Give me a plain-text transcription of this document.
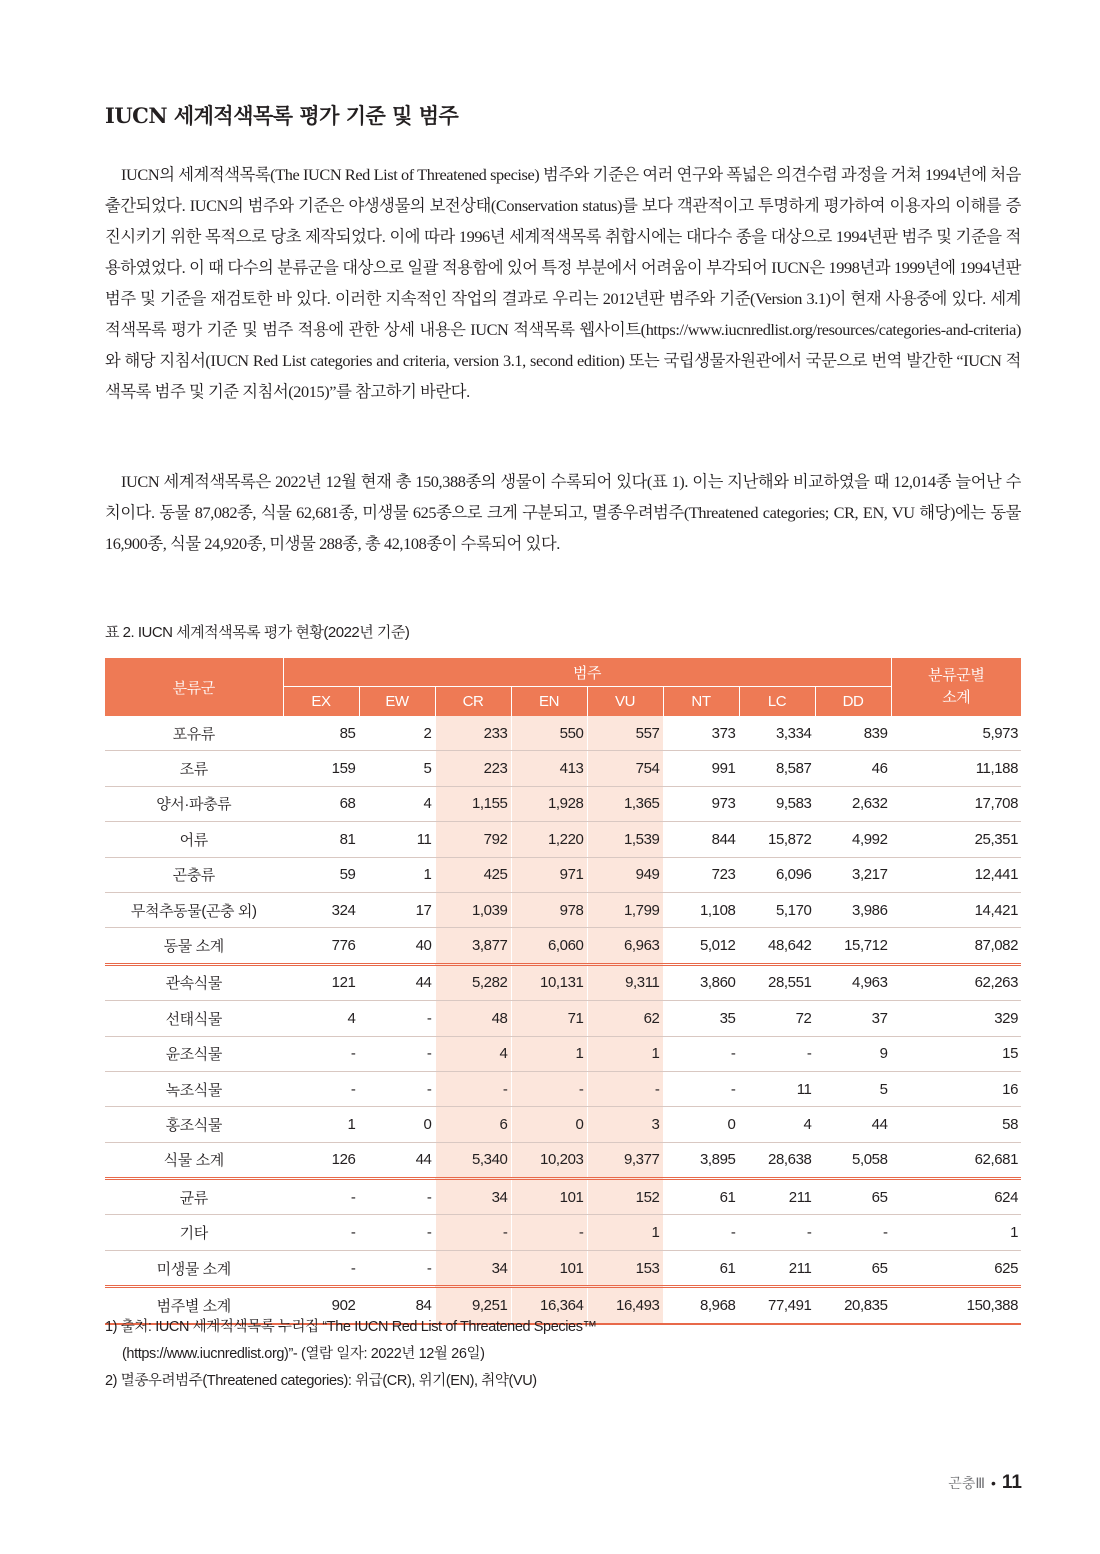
IUCN 세계적색목록 평가 기준 및 범주

IUCN의 세계적색목록(The IUCN Red List of Threatened specise) 범주와 기준은 여러 연구와 폭넓은 의견수렴 과정을 거쳐 1994년에 처음 출간되었다. IUCN의 범주와 기준은 야생생물의 보전상태(Conservation status)를 보다 객관적이고 투명하게 평가하여 이용자의 이해를 증진시키기 위한 목적으로 당초 제작되었다. 이에 따라 1996년 세계적색목록 취합시에는 대다수 종을 대상으로 1994년판 범주 및 기준을 적용하였었다. 이 때 다수의 분류군을 대상으로 일괄 적용함에 있어 특정 부분에서 어려움이 부각되어 IUCN은 1998년과 1999년에 1994년판 범주 및 기준을 재검토한 바 있다. 이러한 지속적인 작업의 결과로 우리는 2012년판 범주와 기준(Version 3.1)이 현재 사용중에 있다. 세계적색목록 평가 기준 및 범주 적용에 관한 상세 내용은 IUCN 적색목록 웹사이트(https://www.iucnredlist.org/resources/categories-and-criteria)와 해당 지침서(IUCN Red List categories and criteria, version 3.1, second edition) 또는 국립생물자원관에서 국문으로 번역 발간한 “IUCN 적색목록 범주 및 기준 지침서(2015)”를 참고하기 바란다.

IUCN 세계적색목록은 2022년 12월 현재 총 150,388종의 생물이 수록되어 있다(표 1). 이는 지난해와 비교하였을 때 12,014종 늘어난 수치이다. 동물 87,082종, 식물 62,681종, 미생물 625종으로 크게 구분되고, 멸종우려범주(Threatened categories; CR, EN, VU 해당)에는 동물 16,900종, 식물 24,920종, 미생물 288종, 총 42,108종이 수록되어 있다.

표 2. IUCN 세계적색목록 평가 현황(2022년 기준)
분류군	범주								분류군별 소계
	EX	EW	CR	EN	VU	NT	LC	DD	
포유류	85	2	233	550	557	373	3,334	839	5,973
조류	159	5	223	413	754	991	8,587	46	11,188
양서·파충류	68	4	1,155	1,928	1,365	973	9,583	2,632	17,708
어류	81	11	792	1,220	1,539	844	15,872	4,992	25,351
곤충류	59	1	425	971	949	723	6,096	3,217	12,441
무척추동물(곤충 외)	324	17	1,039	978	1,799	1,108	5,170	3,986	14,421
동물 소계	776	40	3,877	6,060	6,963	5,012	48,642	15,712	87,082
관속식물	121	44	5,282	10,131	9,311	3,860	28,551	4,963	62,263
선태식물	4	-	48	71	62	35	72	37	329
윤조식물	-	-	4	1	1	-	-	9	15
녹조식물	-	-	-	-	-	-	11	5	16
홍조식물	1	0	6	0	3	0	4	44	58
식물 소계	126	44	5,340	10,203	9,377	3,895	28,638	5,058	62,681
균류	-	-	34	101	152	61	211	65	624
기타	-	-	-	-	1	-	-	-	1
미생물 소계	-	-	34	101	153	61	211	65	625
범주별 소계	902	84	9,251	16,364	16,493	8,968	77,491	20,835	150,388
1) 출처: IUCN 세계적색목록 누리집 “The IUCN Red List of Threatened Species™
(https://www.iucnredlist.org)”- (열람 일자: 2022년 12월 26일)
2) 멸종우려범주(Threatened categories): 위급(CR), 위기(EN), 취약(VU)
곤충Ⅲ • 11
